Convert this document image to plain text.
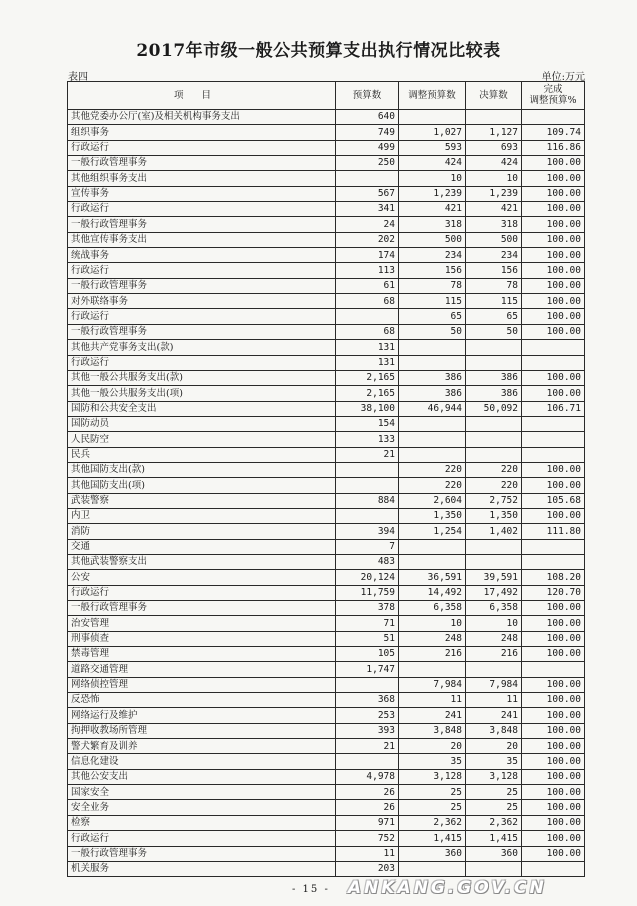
2017年市级一般公共预算支出执行情况比较表
表四	单位:万元
项目	预算数	调整预算数	决算数	完成
调整预算%
其他党委办公厅(室)及相关机构事务支出	640			
组织事务	749	1,027	1,127	109.74
行政运行	499	593	693	116.86
一般行政管理事务	250	424	424	100.00
其他组织事务支出		10	10	100.00
宣传事务	567	1,239	1,239	100.00
行政运行	341	421	421	100.00
一般行政管理事务	24	318	318	100.00
其他宣传事务支出	202	500	500	100.00
统战事务	174	234	234	100.00
行政运行	113	156	156	100.00
一般行政管理事务	61	78	78	100.00
对外联络事务	68	115	115	100.00
行政运行		65	65	100.00
一般行政管理事务	68	50	50	100.00
其他共产党事务支出(款)	131			
行政运行	131			
其他一般公共服务支出(款)	2,165	386	386	100.00
其他一般公共服务支出(项)	2,165	386	386	100.00
国防和公共安全支出	38,100	46,944	50,092	106.71
国防动员	154			
人民防空	133			
民兵	21			
其他国防支出(款)		220	220	100.00
其他国防支出(项)		220	220	100.00
武装警察	884	2,604	2,752	105.68
内卫		1,350	1,350	100.00
消防	394	1,254	1,402	111.80
交通	7			
其他武装警察支出	483			
公安	20,124	36,591	39,591	108.20
行政运行	11,759	14,492	17,492	120.70
一般行政管理事务	378	6,358	6,358	100.00
治安管理	71	10	10	100.00
刑事侦查	51	248	248	100.00
禁毒管理	105	216	216	100.00
道路交通管理	1,747			
网络侦控管理		7,984	7,984	100.00
反恐怖	368	11	11	100.00
网络运行及维护	253	241	241	100.00
拘押收教场所管理	393	3,848	3,848	100.00
警犬繁育及训养	21	20	20	100.00
信息化建设		35	35	100.00
其他公安支出	4,978	3,128	3,128	100.00
国家安全	26	25	25	100.00
安全业务	26	25	25	100.00
检察	971	2,362	2,362	100.00
行政运行	752	1,415	1,415	100.00
一般行政管理事务	11	360	360	100.00
机关服务	203			
- 15 - ANKANG.GOV.CN
